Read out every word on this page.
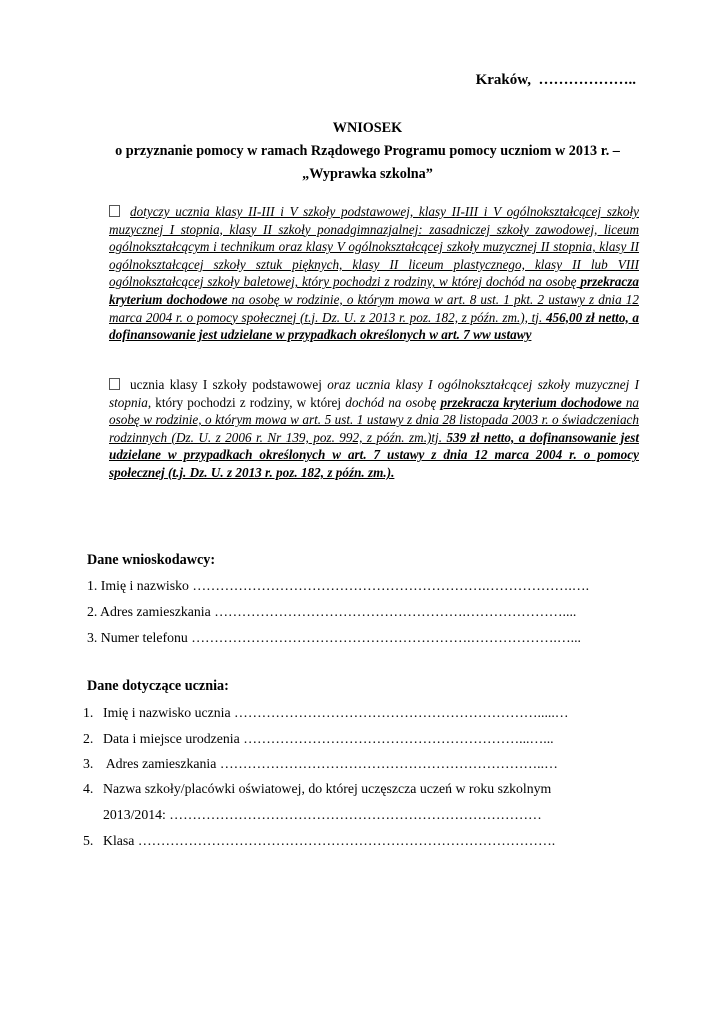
Kraków,  ………………..
WNIOSEK
o przyznanie pomocy w ramach Rządowego Programu pomocy uczniom w 2013 r. –
„Wyprawka szkolna”
dotyczy ucznia klasy II-III i V szkoły podstawowej, klasy II-III i V ogólnokształcącej szkoły muzycznej I stopnia, klasy II szkoły ponadgimnazjalnej: zasadniczej szkoły zawodowej, liceum ogólnokształcącym i technikum oraz klasy V ogólnokształcącej szkoły muzycznej II stopnia, klasy II ogólnokształcącej szkoły sztuk pięknych, klasy II liceum plastycznego, klasy II lub VIII ogólnokształcącej szkoły baletowej, który pochodzi z rodziny, w której dochód na osobę przekracza kryterium dochodowe na osobę w rodzinie, o którym mowa w art. 8 ust. 1 pkt. 2 ustawy z dnia 12 marca 2004 r. o pomocy społecznej (t.j. Dz. U. z 2013 r. poz. 182, z późn. zm.), tj. 456,00 zł netto, a dofinansowanie jest udzielane w przypadkach określonych w art. 7 ww ustawy
ucznia klasy I szkoły podstawowej oraz ucznia klasy I ogólnokształcącej szkoły muzycznej I stopnia, który pochodzi z rodziny, w której dochód na osobę przekracza kryterium dochodowe na osobę w rodzinie, o którym mowa w art. 5 ust. 1 ustawy z dnia 28 listopada 2003 r. o świadczeniach rodzinnych (Dz. U. z 2006 r. Nr 139, poz. 992, z późn. zm.)tj. 539 zł netto, a dofinansowanie jest udzielane w przypadkach określonych w art. 7 ustawy z dnia 12 marca 2004 r. o pomocy społecznej (t.j. Dz. U. z 2013 r. poz. 182, z późn. zm.).
Dane wnioskodawcy:
1. Imię i nazwisko ……………………………………………………….……………….….
2. Adres zamieszkania ……………………………………………….…………………....
3. Numer telefonu …………………………………………………….……………….…...
Dane dotyczące ucznia:
1. Imię i nazwisko ucznia ………………………………………………………….....…
2. Data i miejsce urodzenia ……………………………………………………...…...
3. Adres zamieszkania ……………………………………………………………..…
4. Nazwa szkoły/placówki oświatowej, do której uczęszcza uczeń w roku szkolnym
2013/2014: ………………………………………………………………………
5. Klasa ……………………………………………………………………………….
